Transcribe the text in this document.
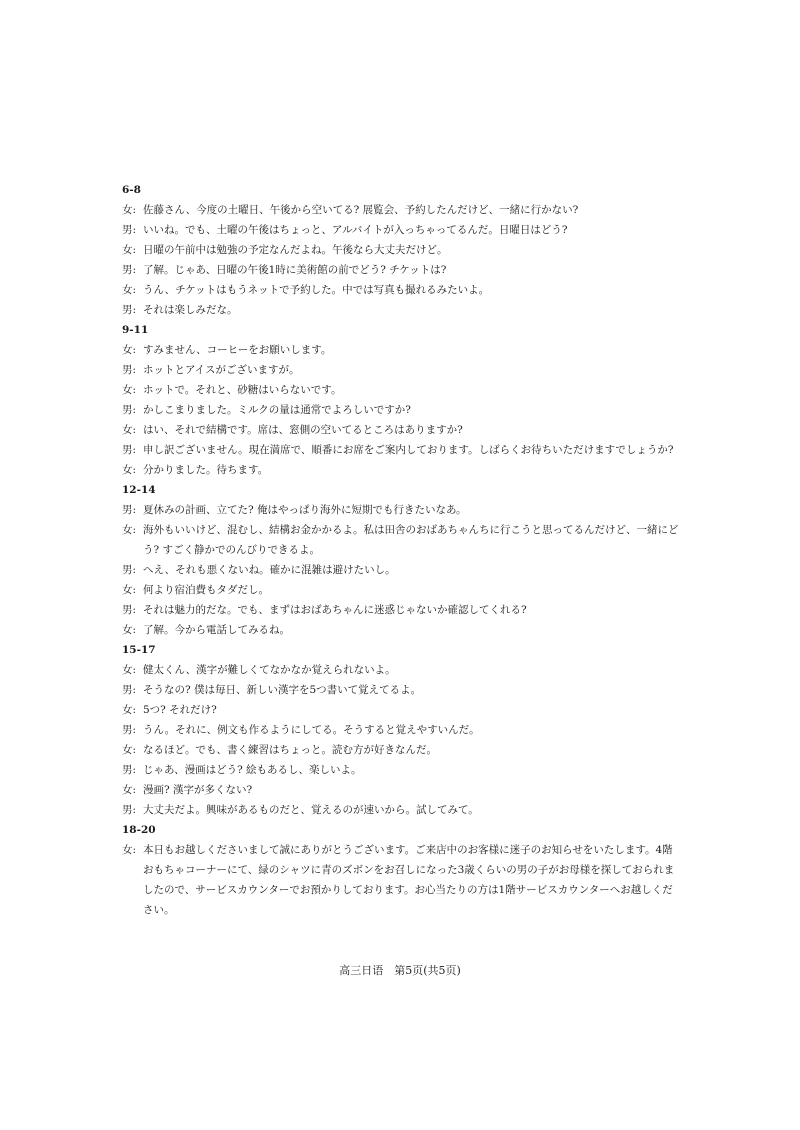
6-8
女: 佐藤さん、今度の土曜日、午後から空いてる? 展覧会、予約したんだけど、一緒に行かない?
男: いいね。でも、土曜の午後はちょっと、アルバイトが入っちゃってるんだ。日曜日はどう?
女: 日曜の午前中は勉強の予定なんだよね。午後なら大丈夫だけど。
男: 了解。じゃあ、日曜の午後1時に美術館の前でどう? チケットは?
女: うん、チケットはもうネットで予約した。中では写真も撮れるみたいよ。
男: それは楽しみだな。
9-11
女: すみません、コーヒーをお願いします。
男: ホットとアイスがございますが。
女: ホットで。それと、砂糖はいらないです。
男: かしこまりました。ミルクの量は通常でよろしいですか?
女: はい、それで結構です。席は、窓側の空いてるところはありますか?
男: 申し訳ございません。現在満席で、順番にお席をご案内しております。しばらくお待ちいただけますでしょうか?
女: 分かりました。待ちます。
12-14
男: 夏休みの計画、立てた? 俺はやっぱり海外に短期でも行きたいなあ。
女: 海外もいいけど、混むし、結構お金かかるよ。私は田舎のおばあちゃんちに行こうと思ってるんだけど、一緒にどう? すごく静かでのんびりできるよ。
男: へえ、それも悪くないね。確かに混雑は避けたいし。
女: 何より宿泊費もタダだし。
男: それは魅力的だな。でも、まずはおばあちゃんに迷惑じゃないか確認してくれる?
女: 了解。今から電話してみるね。
15-17
女: 健太くん、漢字が難しくてなかなか覚えられないよ。
男: そうなの? 僕は毎日、新しい漢字を5つ書いて覚えてるよ。
女: 5つ? それだけ?
男: うん。それに、例文も作るようにしてる。そうすると覚えやすいんだ。
女: なるほど。でも、書く練習はちょっと。読む方が好きなんだ。
男: じゃあ、漫画はどう? 絵もあるし、楽しいよ。
女: 漫画? 漢字が多くない?
男: 大丈夫だよ。興味があるものだと、覚えるのが速いから。試してみて。
18-20
女: 本日もお越しくださいまして誠にありがとうございます。ご来店中のお客様に迷子のお知らせをいたします。4階おもちゃコーナーにて、緑のシャツに青のズボンをお召しになった3歳くらいの男の子がお母様を探しておられましたので、サービスカウンターでお預かりしております。お心当たりの方は1階サービスカウンターへお越しください。
高三日语　第5页(共5页)
